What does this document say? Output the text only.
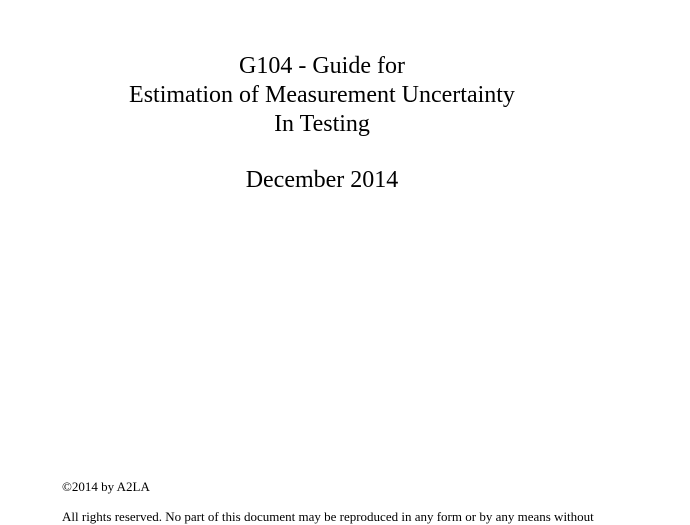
G104 - Guide for
Estimation of Measurement Uncertainty
In Testing
December 2014
©2014 by A2LA
All rights reserved. No part of this document may be reproduced in any form or by any means without
